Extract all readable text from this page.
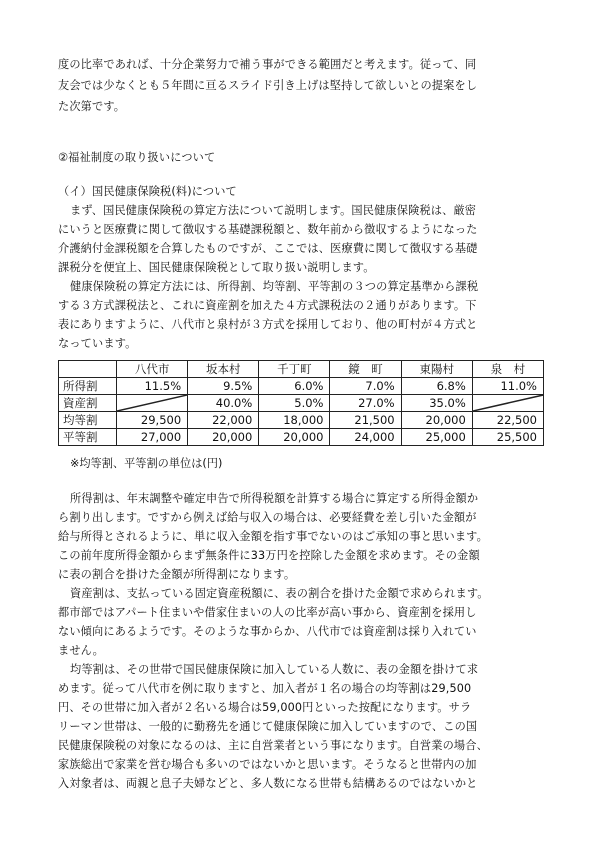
度の比率であれば、十分企業努力で補う事ができる範囲だと考えます。従って、同
友会では少なくとも５年間に亘るスライド引き上げは堅持して欲しいとの提案をし
た次第です。
②福祉制度の取り扱いについて
（イ）国民健康保険税(料)について
まず、国民健康保険税の算定方法について説明します。国民健康保険税は、厳密
にいうと医療費に関して徴収する基礎課税額と、数年前から徴収するようになった
介護納付金課税額を合算したものですが、ここでは、医療費に関して徴収する基礎
課税分を便宜上、国民健康保険税として取り扱い説明します。
健康保険税の算定方法には、所得割、均等割、平等割の３つの算定基準から課税
する３方式課税法と、これに資産割を加えた４方式課税法の２通りがあります。下
表にありますように、八代市と泉村が３方式を採用しており、他の町村が４方式と
なっています。
	八代市	坂本村	千丁町	鏡　町	東陽村	泉　村
所得割	11.5%	9.5%	6.0%	7.0%	6.8%	11.0%
資産割		40.0%	5.0%	27.0%	35.0%	

均等割	29,500	22,000	18,000	21,500	20,000	22,500
平等割	27,000	20,000	20,000	24,000	25,000	25,500
※均等割、平等割の単位は(円)
所得割は、年末調整や確定申告で所得税額を計算する場合に算定する所得金額か
ら割り出します。ですから例えば給与収入の場合は、必要経費を差し引いた金額が
給与所得とされるように、単に収入金額を指す事でないのはご承知の事と思います。
この前年度所得金額からまず無条件に33万円を控除した金額を求めます。その金額
に表の割合を掛けた金額が所得割になります。
資産割は、支払っている固定資産税額に、表の割合を掛けた金額で求められます。
都市部ではアパート住まいや借家住まいの人の比率が高い事から、資産割を採用し
ない傾向にあるようです。そのような事からか、八代市では資産割は採り入れてい
ません。
均等割は、その世帯で国民健康保険に加入している人数に、表の金額を掛けて求
めます。従って八代市を例に取りますと、加入者が１名の場合の均等割は29,500
円、その世帯に加入者が２名いる場合は59,000円といった按配になります。サラ
リーマン世帯は、一般的に勤務先を通じて健康保険に加入していますので、この国
民健康保険税の対象になるのは、主に自営業者という事になります。自営業の場合、
家族総出で家業を営む場合も多いのではないかと思います。そうなると世帯内の加
入対象者は、両親と息子夫婦などと、多人数になる世帯も結構あるのではないかと
